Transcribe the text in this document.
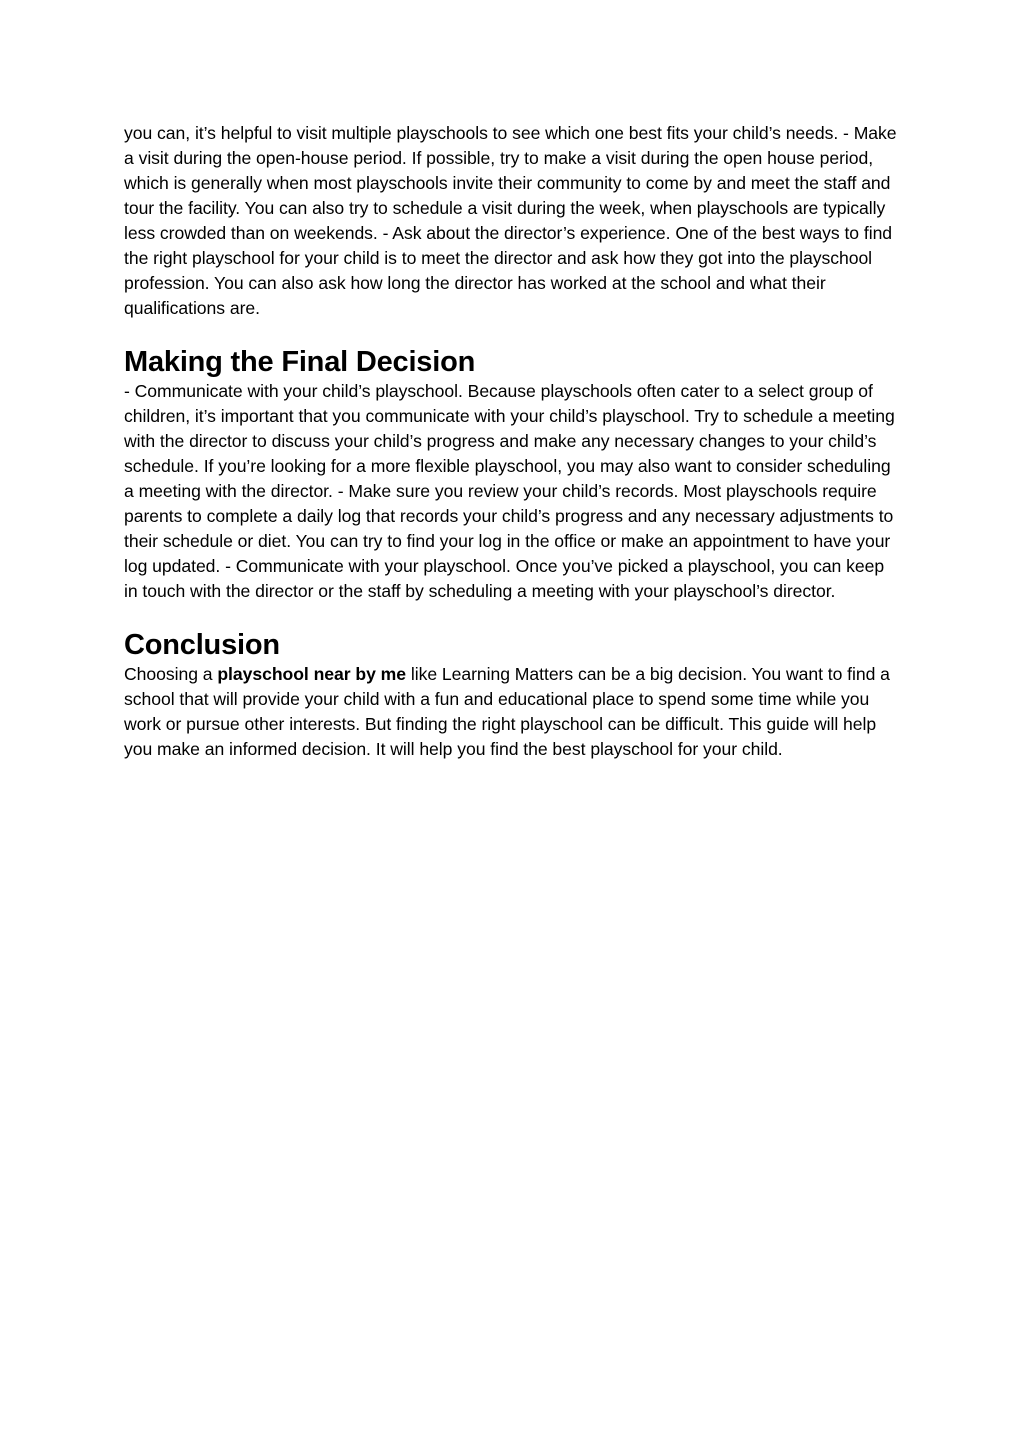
you can, it’s helpful to visit multiple playschools to see which one best fits your child’s needs. - Make a visit during the open-house period. If possible, try to make a visit during the open house period, which is generally when most playschools invite their community to come by and meet the staff and tour the facility. You can also try to schedule a visit during the week, when playschools are typically less crowded than on weekends. - Ask about the director’s experience. One of the best ways to find the right playschool for your child is to meet the director and ask how they got into the playschool profession. You can also ask how long the director has worked at the school and what their qualifications are.

Making the Final Decision

- Communicate with your child’s playschool. Because playschools often cater to a select group of children, it’s important that you communicate with your child’s playschool. Try to schedule a meeting with the director to discuss your child’s progress and make any necessary changes to your child’s schedule. If you’re looking for a more flexible playschool, you may also want to consider scheduling a meeting with the director. - Make sure you review your child’s records. Most playschools require parents to complete a daily log that records your child’s progress and any necessary adjustments to their schedule or diet. You can try to find your log in the office or make an appointment to have your log updated. - Communicate with your playschool. Once you’ve picked a playschool, you can keep in touch with the director or the staff by scheduling a meeting with your playschool’s director.

Conclusion

Choosing a playschool near by me like Learning Matters can be a big decision. You want to find a school that will provide your child with a fun and educational place to spend some time while you work or pursue other interests. But finding the right playschool can be difficult. This guide will help you make an informed decision. It will help you find the best playschool for your child.
